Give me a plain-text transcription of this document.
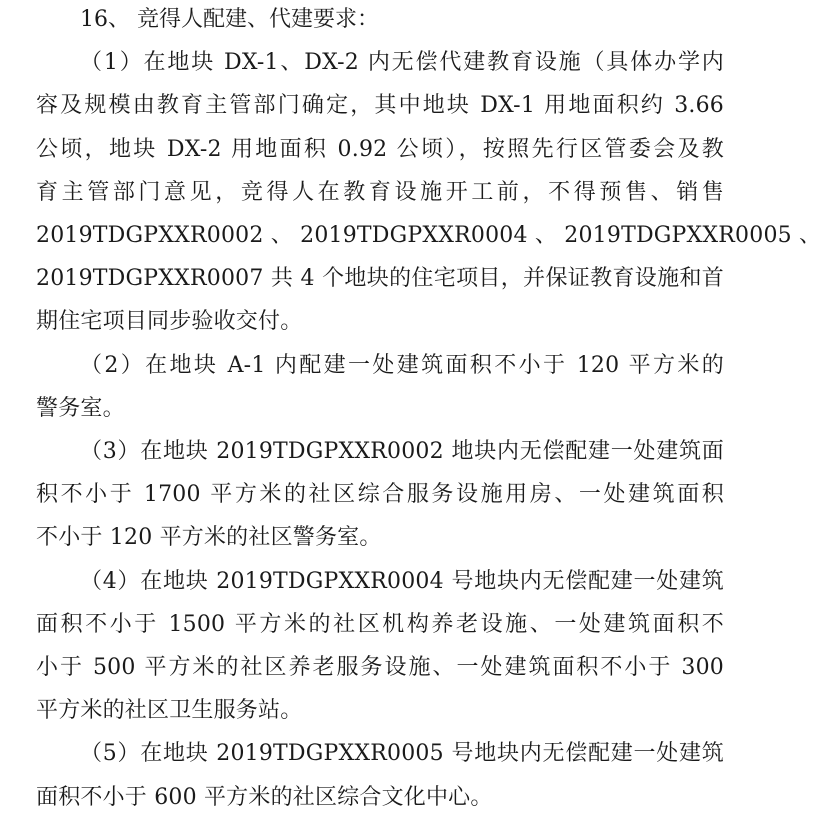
16、 竞得人配建、代建要求：

（1）在地块 DX-1、DX-2 内无偿代建教育设施（具体办学内
容及规模由教育主管部门确定，其中地块 DX-1 用地面积约 3.66
公顷，地块 DX-2 用地面积 0.92 公顷），按照先行区管委会及教
育主管部门意见，竞得人在教育设施开工前，不得预售、销售
2019TDGPXXR0002 、 2019TDGPXXR0004 、 2019TDGPXXR0005 、
2019TDGPXXR0007 共 4 个地块的住宅项目，并保证教育设施和首
期住宅项目同步验收交付。
（2）在地块 A-1 内配建一处建筑面积不小于 120 平方米的
警务室。
（3）在地块 2019TDGPXXR0002 地块内无偿配建一处建筑面
积不小于 1700 平方米的社区综合服务设施用房、一处建筑面积
不小于 120 平方米的社区警务室。
（4）在地块 2019TDGPXXR0004 号地块内无偿配建一处建筑
面积不小于 1500 平方米的社区机构养老设施、一处建筑面积不
小于 500 平方米的社区养老服务设施、一处建筑面积不小于 300
平方米的社区卫生服务站。
（5）在地块 2019TDGPXXR0005 号地块内无偿配建一处建筑
面积不小于 600 平方米的社区综合文化中心。
